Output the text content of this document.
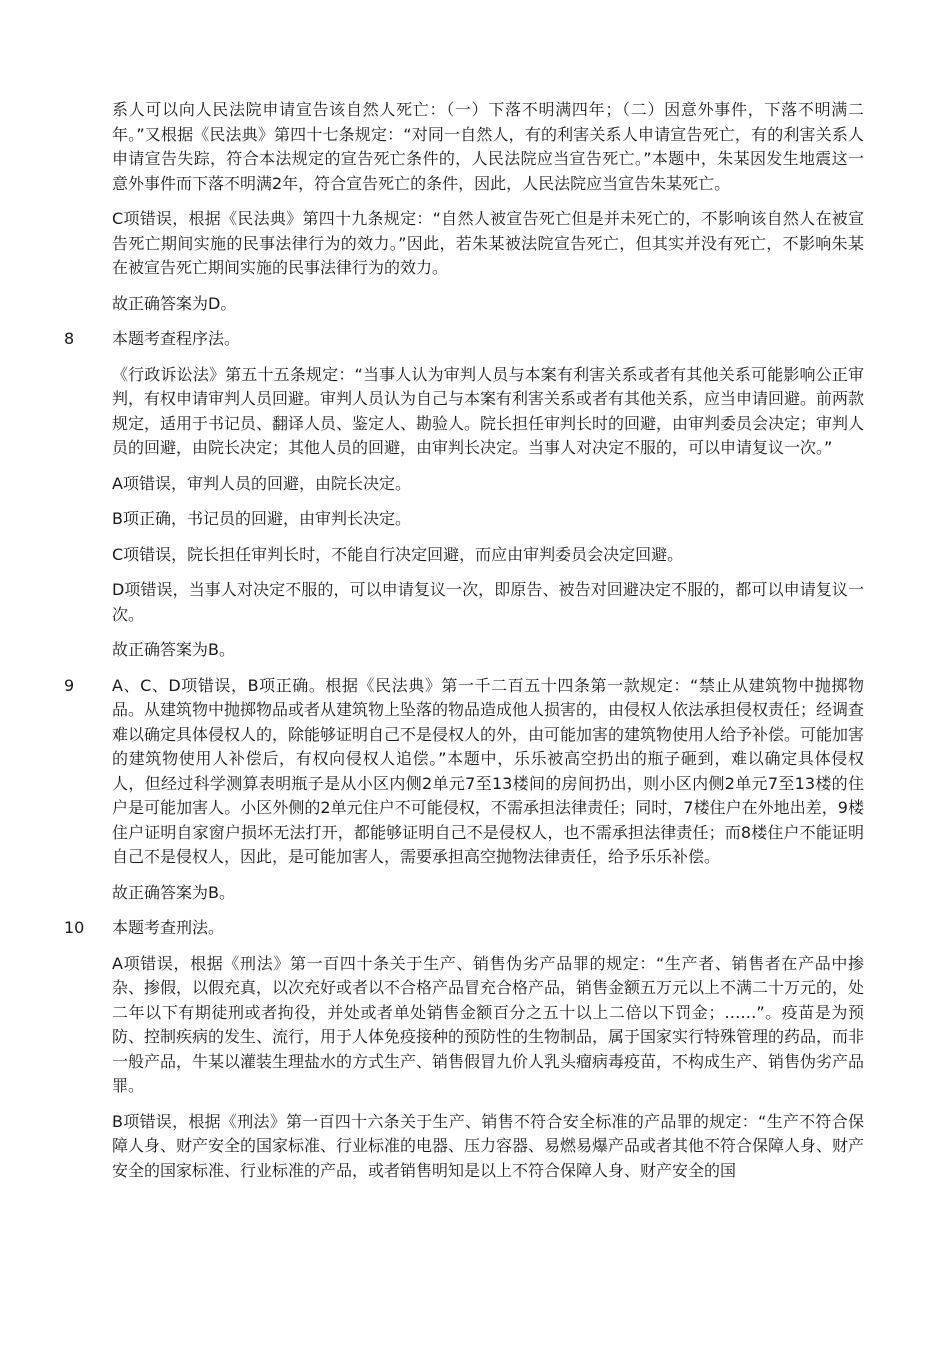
系人可以向人民法院申请宣告该自然人死亡：（一）下落不明满四年；（二）因意外事件，下落不明满二年。”又根据《民法典》第四十七条规定：“对同一自然人，有的利害关系人申请宣告死亡，有的利害关系人申请宣告失踪，符合本法规定的宣告死亡条件的，人民法院应当宣告死亡。”本题中，朱某因发生地震这一意外事件而下落不明满2年，符合宣告死亡的条件，因此，人民法院应当宣告朱某死亡。
C项错误，根据《民法典》第四十九条规定：“自然人被宣告死亡但是并未死亡的，不影响该自然人在被宣告死亡期间实施的民事法律行为的效力。”因此，若朱某被法院宣告死亡，但其实并没有死亡，不影响朱某在被宣告死亡期间实施的民事法律行为的效力。
故正确答案为D。
8 本题考查程序法。
《行政诉讼法》第五十五条规定：“当事人认为审判人员与本案有利害关系或者有其他关系可能影响公正审判，有权申请审判人员回避。审判人员认为自己与本案有利害关系或者有其他关系，应当申请回避。前两款规定，适用于书记员、翻译人员、鉴定人、勘验人。院长担任审判长时的回避，由审判委员会决定；审判人员的回避，由院长决定；其他人员的回避，由审判长决定。当事人对决定不服的，可以申请复议一次。”
A项错误，审判人员的回避，由院长决定。
B项正确，书记员的回避，由审判长决定。
C项错误，院长担任审判长时，不能自行决定回避，而应由审判委员会决定回避。
D项错误，当事人对决定不服的，可以申请复议一次，即原告、被告对回避决定不服的，都可以申请复议一次。
故正确答案为B。
9 A、C、D项错误，B项正确。根据《民法典》第一千二百五十四条第一款规定：“禁止从建筑物中抛掷物品。从建筑物中抛掷物品或者从建筑物上坠落的物品造成他人损害的，由侵权人依法承担侵权责任；经调查难以确定具体侵权人的，除能够证明自己不是侵权人的外，由可能加害的建筑物使用人给予补偿。可能加害的建筑物使用人补偿后，有权向侵权人追偿。”本题中，乐乐被高空扔出的瓶子砸到，难以确定具体侵权人，但经过科学测算表明瓶子是从小区内侧2单元7至13楼间的房间扔出，则小区内侧2单元7至13楼的住户是可能加害人。小区外侧的2单元住户不可能侵权，不需承担法律责任；同时，7楼住户在外地出差，9楼住户证明自家窗户损坏无法打开，都能够证明自己不是侵权人，也不需承担法律责任；而8楼住户不能证明自己不是侵权人，因此，是可能加害人，需要承担高空抛物法律责任，给予乐乐补偿。
故正确答案为B。
10 本题考查刑法。
A项错误，根据《刑法》第一百四十条关于生产、销售伪劣产品罪的规定：“生产者、销售者在产品中掺杂、掺假，以假充真，以次充好或者以不合格产品冒充合格产品，销售金额五万元以上不满二十万元的，处二年以下有期徒刑或者拘役，并处或者单处销售金额百分之五十以上二倍以下罚金；……”。疫苗是为预防、控制疾病的发生、流行，用于人体免疫接种的预防性的生物制品，属于国家实行特殊管理的药品，而非一般产品，牛某以灌装生理盐水的方式生产、销售假冒九价人乳头瘤病毒疫苗，不构成生产、销售伪劣产品罪。
B项错误，根据《刑法》第一百四十六条关于生产、销售不符合安全标准的产品罪的规定：“生产不符合保障人身、财产安全的国家标准、行业标准的电器、压力容器、易燃易爆产品或者其他不符合保障人身、财产安全的国家标准、行业标准的产品，或者销售明知是以上不符合保障人身、财产安全的国
